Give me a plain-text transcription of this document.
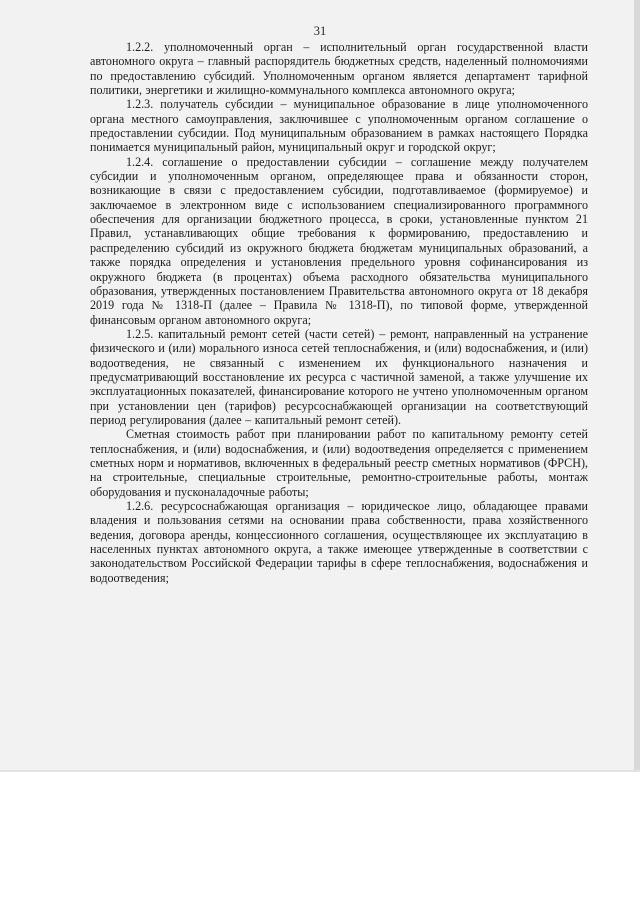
31

1.2.2. уполномоченный орган – исполнительный орган государственной власти автономного округа – главный распорядитель бюджетных средств, наделенный полномочиями по предоставлению субсидий. Уполномоченным органом является департамент тарифной политики, энергетики и жилищно-коммунального комплекса автономного округа;

1.2.3. получатель субсидии – муниципальное образование в лице уполномоченного органа местного самоуправления, заключившее с уполномоченным органом соглашение о предоставлении субсидии. Под муниципальным образованием в рамках настоящего Порядка понимается муниципальный район, муниципальный округ и городской округ;

1.2.4. соглашение о предоставлении субсидии – соглашение между получателем субсидии и уполномоченным органом, определяющее права и обязанности сторон, возникающие в связи с предоставлением субсидии, подготавливаемое (формируемое) и заключаемое в электронном виде с использованием специализированного программного обеспечения для организации бюджетного процесса, в сроки, установленные пунктом 21 Правил, устанавливающих общие требования к формированию, предоставлению и распределению субсидий из окружного бюджета бюджетам муниципальных образований, а также порядка определения и установления предельного уровня софинансирования из окружного бюджета (в процентах) объема расходного обязательства муниципального образования, утвержденных постановлением Правительства автономного округа от 18 декабря 2019 года № 1318-П (далее – Правила № 1318-П), по типовой форме, утвержденной финансовым органом автономного округа;

1.2.5. капитальный ремонт сетей (части сетей) – ремонт, направленный на устранение физического и (или) морального износа сетей теплоснабжения, и (или) водоснабжения, и (или) водоотведения, не связанный с изменением их функционального назначения и предусматривающий восстановление их ресурса с частичной заменой, а также улучшение их эксплуатационных показателей, финансирование которого не учтено уполномоченным органом при установлении цен (тарифов) ресурсоснабжающей организации на соответствующий период регулирования (далее – капитальный ремонт сетей).

Сметная стоимость работ при планировании работ по капитальному ремонту сетей теплоснабжения, и (или) водоснабжения, и (или) водоотведения определяется с применением сметных норм и нормативов, включенных в федеральный реестр сметных нормативов (ФРСН), на строительные, специальные строительные, ремонтно-строительные работы, монтаж оборудования и пусконаладочные работы;

1.2.6. ресурсоснабжающая организация – юридическое лицо, обладающее правами владения и пользования сетями на основании права собственности, права хозяйственного ведения, договора аренды, концессионного соглашения, осуществляющее их эксплуатацию в населенных пунктах автономного округа, а также имеющее утвержденные в соответствии с законодательством Российской Федерации тарифы в сфере теплоснабжения, водоснабжения и водоотведения;
